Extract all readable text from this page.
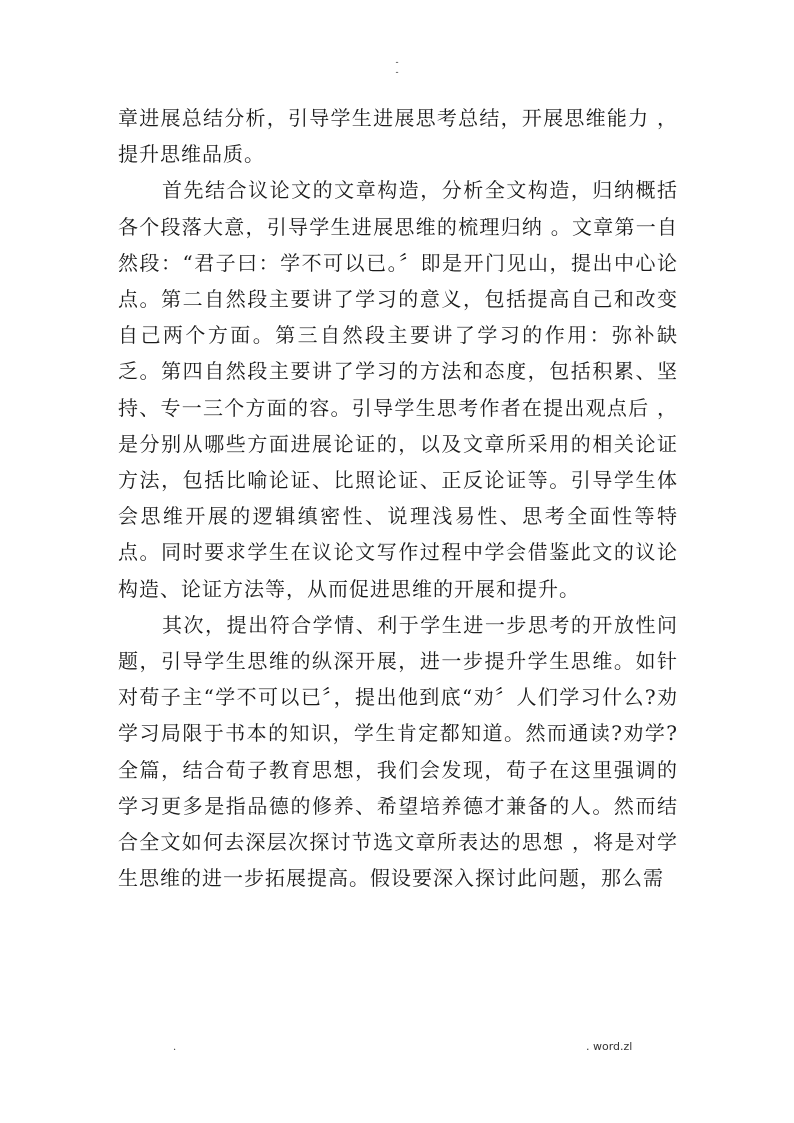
-
-

章进展总结分析，引导学生进展思考总结，开展思维能力 ，提升思维品质。

首先结合议论文的文章构造，分析全文构造，归纳概括各个段落大意，引导学生进展思维的梳理归纳 。文章第一自然段：“君子曰：学不可以已。〞即是开门见山，提出中心论点。第二自然段主要讲了学习的意义，包括提高自己和改变自己两个方面。第三自然段主要讲了学习的作用：弥补缺乏。第四自然段主要讲了学习的方法和态度，包括积累、坚持、专一三个方面的容。引导学生思考作者在提出观点后 ，是分别从哪些方面进展论证的，以及文章所采用的相关论证方法，包括比喻论证、比照论证、正反论证等。引导学生体会思维开展的逻辑缜密性、说理浅易性、思考全面性等特点。同时要求学生在议论文写作过程中学会借鉴此文的议论构造、论证方法等，从而促进思维的开展和提升。

其次，提出符合学情、利于学生进一步思考的开放性问题，引导学生思维的纵深开展，进一步提升学生思维。如针对荀子主“学不可以已〞，提出他到底“劝〞人们学习什么?劝学习局限于书本的知识，学生肯定都知道。然而通读?劝学?全篇，结合荀子教育思想，我们会发现，荀子在这里强调的学习更多是指品德的修养、希望培养德才兼备的人。然而结合全文如何去深层次探讨节选文章所表达的思想 ，将是对学生思维的进一步拓展提高。假设要深入探讨此问题，那么需

.	. word.zl
